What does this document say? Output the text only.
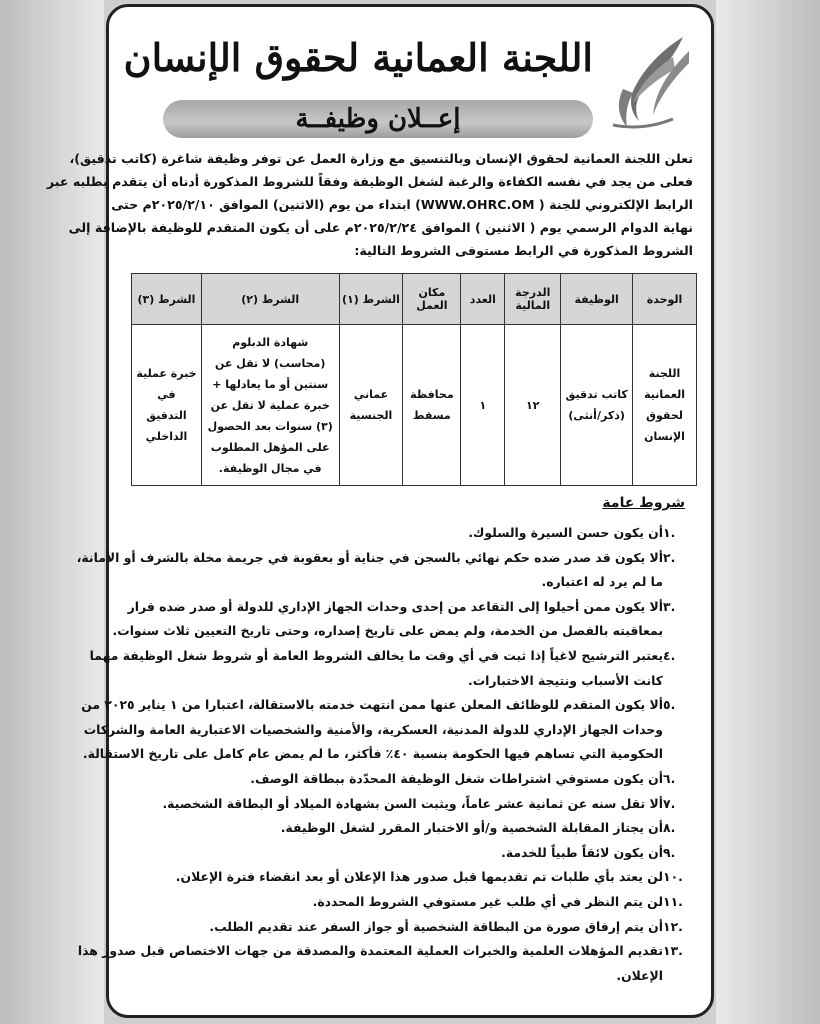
اللجنة العمانية لحقوق الإنسان
إعــلان وظيفــة

تعلن اللجنة العمانية لحقوق الإنسان وبالتنسيق مع وزارة العمل عن توفر وظيفة شاغرة (كاتب تدقيق)،

فعلى من يجد في نفسه الكفاءة والرغبة لشغل الوظيفة وفقاً للشروط المذكورة أدناه أن يتقدم بطلبه عبر

الرابط الإلكتروني للجنة ( WWW.OHRC.OM) ابتداء من يوم (الاثنين) الموافق ٢٠٢٥/٢/١٠م حتى

نهاية الدوام الرسمي يوم ( الاثنين ) الموافق ٢٠٢٥/٢/٢٤م على أن يكون المتقدم للوظيفة بالإضافة إلى

الشروط المذكورة في الرابط مستوفى الشروط التالية:

الوحدة	الوظيفة	الدرجة المالية	العدد	مكان العمل	الشرط (١)	الشرط (٢)	الشرط (٣)
اللجنة العمانية لحقوق الإنسان	كاتب تدقيق (ذكر/أنثى)	١٢	١	محافظة مسقط	عماني الجنسية	شهادة الدبلوم (محاسب) لا تقل عن سنتين أو ما يعادلها + خبرة عملية لا تقل عن (٣) سنوات بعد الحصول على المؤهل المطلوب في مجال الوظيفة.	خبرة عملية في التدقيق الداخلي
شروط عامة
.١
أن يكون حسن السيرة والسلوك.
.٢
ألا يكون قد صدر ضده حكم نهائي بالسجن في جناية أو بعقوبة في جريمة مخلة بالشرف أو الأمانة،
ما لم يرد له اعتباره.
.٣
ألا يكون ممن أحيلوا إلى التقاعد من إحدى وحدات الجهاز الإداري للدولة أو صدر ضده قرار
بمعاقبته بالفصل من الخدمة، ولم يمض على تاريخ إصداره، وحتى تاريخ التعيين ثلاث سنوات.
.٤
يعتبر الترشيح لاغياً إذا ثبت في أي وقت ما يخالف الشروط العامة أو شروط شغل الوظيفة مهما
كانت الأسباب ونتيجة الاختبارات.
.٥
ألا يكون المتقدم للوظائف المعلن عنها ممن انتهت خدمته بالاستقالة، اعتبارا من ١ يناير ٢٠٢٥ من
وحدات الجهاز الإداري للدولة المدنية، العسكرية، والأمنية والشخصيات الاعتبارية العامة والشركات
الحكومية التي تساهم فيها الحكومة بنسبة ٤٠٪ فأكثر، ما لم يمض عام كامل على تاريخ الاستقالة.
.٦
أن يكون مستوفي اشتراطات شغل الوظيفة المحدّدة ببطاقة الوصف.
.٧
ألا تقل سنه عن ثمانية عشر عاماً، ويثبت السن بشهادة الميلاد أو البطاقة الشخصية.
.٨
أن يجتاز المقابلة الشخصية و/أو الاختبار المقرر لشغل الوظيفة.
.٩
أن يكون لائقاً طبياً للخدمة.
.١٠
لن يعتد بأي طلبات تم تقديمها قبل صدور هذا الإعلان أو بعد انقضاء فترة الإعلان.
.١١
لن يتم النظر في أي طلب غير مستوفي الشروط المحددة.
.١٢
أن يتم إرفاق صورة من البطاقة الشخصية أو جواز السفر عند تقديم الطلب.
.١٣
تقديم المؤهلات العلمية والخبرات العملية المعتمدة والمصدقة من جهات الاختصاص قبل صدور هذا
الإعلان.
